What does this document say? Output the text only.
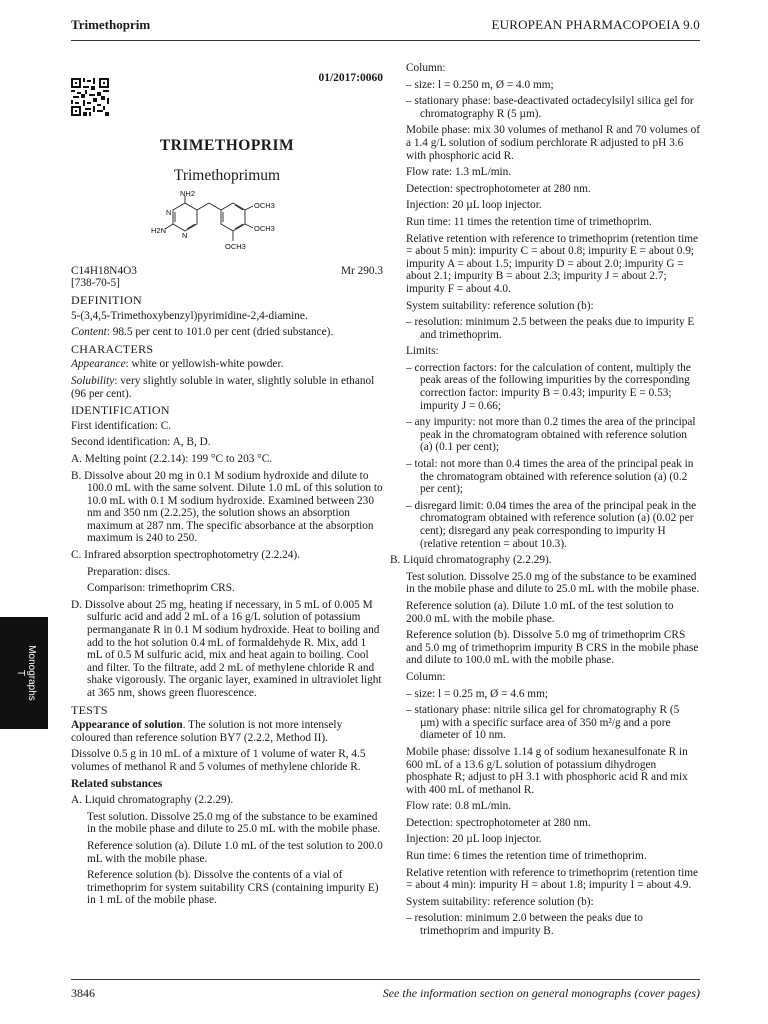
Trimethoprim	EUROPEAN PHARMACOPOEIA 9.0
01/2017:0060
TRIMETHOPRIM
Trimethoprimum
NH2
OCH3
OCH3
OCH3
H2N
N
N
C14H18N4O3	Mr 290.3

[738-70-5]

DEFINITION

5-(3,4,5-Trimethoxybenzyl)pyrimidine-2,4-diamine.

Content: 98.5 per cent to 101.0 per cent (dried substance).

CHARACTERS

Appearance: white or yellowish-white powder.

Solubility: very slightly soluble in water, slightly soluble in ethanol (96 per cent).

IDENTIFICATION

First identification: C.

Second identification: A, B, D.

A. Melting point (2.2.14): 199 °C to 203 °C.

B. Dissolve about 20 mg in 0.1 M sodium hydroxide and dilute to 100.0 mL with the same solvent. Dilute 1.0 mL of this solution to 10.0 mL with 0.1 M sodium hydroxide. Examined between 230 nm and 350 nm (2.2.25), the solution shows an absorption maximum at 287 nm. The specific absorbance at the absorption maximum is 240 to 250.

C. Infrared absorption spectrophotometry (2.2.24).

Preparation: discs.

Comparison: trimethoprim CRS.

D. Dissolve about 25 mg, heating if necessary, in 5 mL of 0.005 M sulfuric acid and add 2 mL of a 16 g/L solution of potassium permanganate R in 0.1 M sodium hydroxide. Heat to boiling and add to the hot solution 0.4 mL of formaldehyde R. Mix, add 1 mL of 0.5 M sulfuric acid, mix and heat again to boiling. Cool and filter. To the filtrate, add 2 mL of methylene chloride R and shake vigorously. The organic layer, examined in ultraviolet light at 365 nm, shows green fluorescence.

TESTS

Appearance of solution. The solution is not more intensely coloured than reference solution BY7 (2.2.2, Method II).

Dissolve 0.5 g in 10 mL of a mixture of 1 volume of water R, 4.5 volumes of methanol R and 5 volumes of methylene chloride R.

Related substances

A. Liquid chromatography (2.2.29).

Test solution. Dissolve 25.0 mg of the substance to be examined in the mobile phase and dilute to 25.0 mL with the mobile phase.

Reference solution (a). Dilute 1.0 mL of the test solution to 200.0 mL with the mobile phase.

Reference solution (b). Dissolve the contents of a vial of trimethoprim for system suitability CRS (containing impurity E) in 1 mL of the mobile phase.

Column:

– size: l = 0.250 m, Ø = 4.0 mm;

– stationary phase: base-deactivated octadecylsilyl silica gel for chromatography R (5 µm).

Mobile phase: mix 30 volumes of methanol R and 70 volumes of a 1.4 g/L solution of sodium perchlorate R adjusted to pH 3.6 with phosphoric acid R.

Flow rate: 1.3 mL/min.

Detection: spectrophotometer at 280 nm.

Injection: 20 µL loop injector.

Run time: 11 times the retention time of trimethoprim.

Relative retention with reference to trimethoprim (retention time = about 5 min): impurity C = about 0.8; impurity E = about 0.9; impurity A = about 1.5; impurity D = about 2.0; impurity G = about 2.1; impurity B = about 2.3; impurity J = about 2.7; impurity F = about 4.0.

System suitability: reference solution (b):

– resolution: minimum 2.5 between the peaks due to impurity E and trimethoprim.

Limits:

– correction factors: for the calculation of content, multiply the peak areas of the following impurities by the corresponding correction factor: impurity B = 0.43; impurity E = 0.53; impurity J = 0.66;

– any impurity: not more than 0.2 times the area of the principal peak in the chromatogram obtained with reference solution (a) (0.1 per cent);

– total: not more than 0.4 times the area of the principal peak in the chromatogram obtained with reference solution (a) (0.2 per cent);

– disregard limit: 0.04 times the area of the principal peak in the chromatogram obtained with reference solution (a) (0.02 per cent); disregard any peak corresponding to impurity H (relative retention = about 10.3).

B. Liquid chromatography (2.2.29).

Test solution. Dissolve 25.0 mg of the substance to be examined in the mobile phase and dilute to 25.0 mL with the mobile phase.

Reference solution (a). Dilute 1.0 mL of the test solution to 200.0 mL with the mobile phase.

Reference solution (b). Dissolve 5.0 mg of trimethoprim CRS and 5.0 mg of trimethoprim impurity B CRS in the mobile phase and dilute to 100.0 mL with the mobile phase.

Column:

– size: l = 0.25 m, Ø = 4.6 mm;

– stationary phase: nitrile silica gel for chromatography R (5 µm) with a specific surface area of 350 m²/g and a pore diameter of 10 nm.

Mobile phase: dissolve 1.14 g of sodium hexanesulfonate R in 600 mL of a 13.6 g/L solution of potassium dihydrogen phosphate R; adjust to pH 3.1 with phosphoric acid R and mix with 400 mL of methanol R.

Flow rate: 0.8 mL/min.

Detection: spectrophotometer at 280 nm.

Injection: 20 µL loop injector.

Run time: 6 times the retention time of trimethoprim.

Relative retention with reference to trimethoprim (retention time = about 4 min): impurity H = about 1.8; impurity I = about 4.9.

System suitability: reference solution (b):

– resolution: minimum 2.0 between the peaks due to trimethoprim and impurity B.

Monographs
T
3846	See the information section on general monographs (cover pages)
